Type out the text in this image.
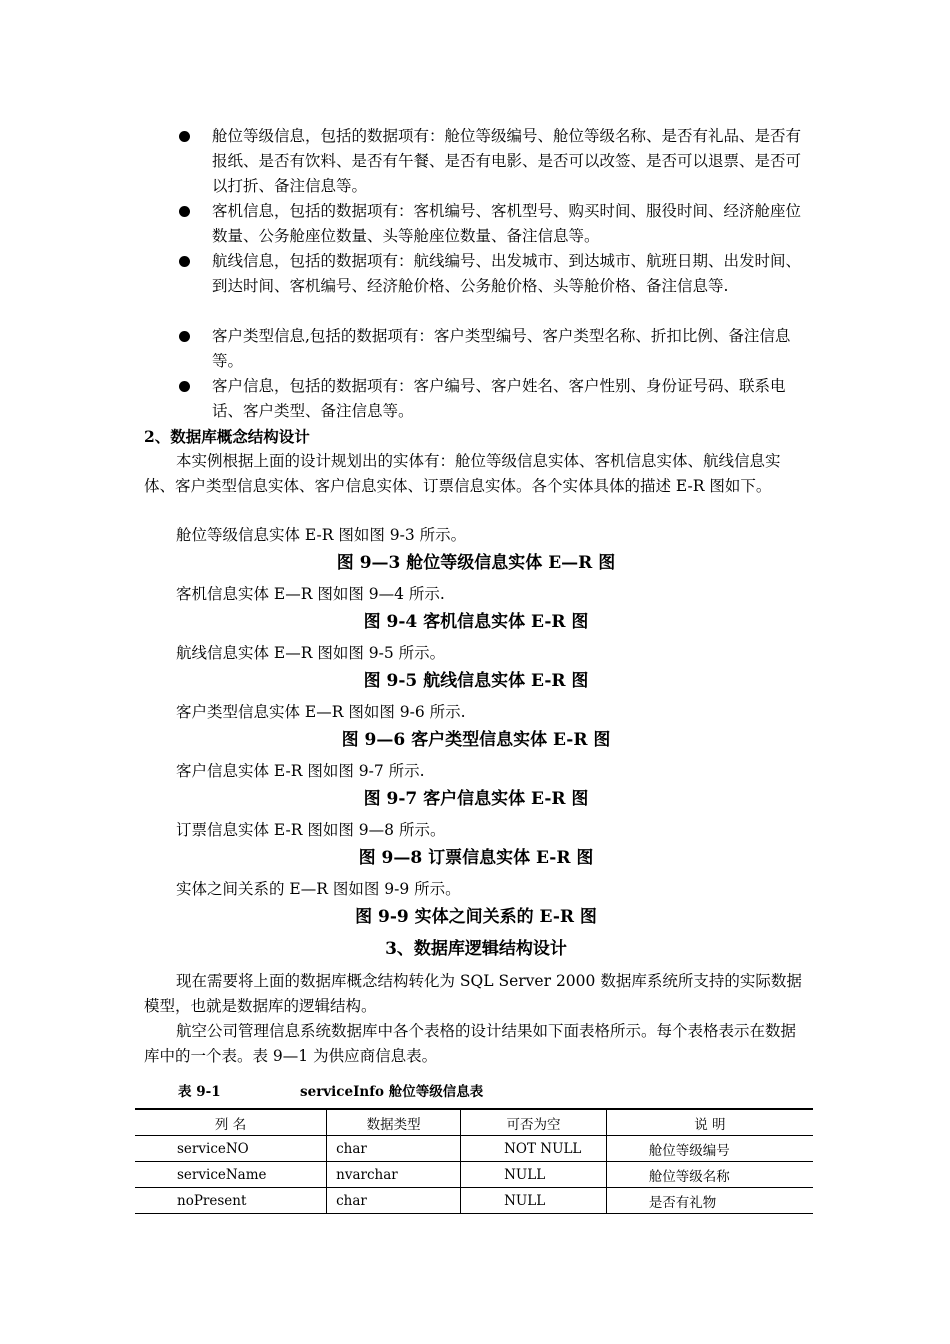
舱位等级信息，包括的数据项有：舱位等级编号、舱位等级名称、是否有礼品、是否有报纸、是否有饮料、是否有午餐、是否有电影、是否可以改签、是否可以退票、是否可以打折、备注信息等。
客机信息，包括的数据项有：客机编号、客机型号、购买时间、服役时间、经济舱座位数量、公务舱座位数量、头等舱座位数量、备注信息等。
航线信息，包括的数据项有：航线编号、出发城市、到达城市、航班日期、出发时间、到达时间、客机编号、经济舱价格、公务舱价格、头等舱价格、备注信息等.
客户类型信息,包括的数据项有：客户类型编号、客户类型名称、折扣比例、备注信息等。
客户信息，包括的数据项有：客户编号、客户姓名、客户性别、身份证号码、联系电话、客户类型、备注信息等。
2、数据库概念结构设计
本实例根据上面的设计规划出的实体有：舱位等级信息实体、客机信息实体、航线信息实体、客户类型信息实体、客户信息实体、订票信息实体。各个实体具体的描述 E-R 图如下。
舱位等级信息实体 E-R 图如图 9-3 所示。
图 9—3 舱位等级信息实体 E—R 图
客机信息实体 E—R 图如图 9—4 所示.
图 9-4 客机信息实体 E-R 图
航线信息实体 E—R 图如图 9-5 所示。
图 9-5 航线信息实体 E-R 图
客户类型信息实体 E—R 图如图 9-6 所示.
图 9—6 客户类型信息实体 E-R 图
客户信息实体 E-R 图如图 9-7 所示.
图 9-7 客户信息实体 E-R 图
订票信息实体 E-R 图如图 9—8 所示。
图 9—8 订票信息实体 E-R 图
实体之间关系的 E—R 图如图 9-9 所示。
图 9-9 实体之间关系的 E-R 图
3、数据库逻辑结构设计
现在需要将上面的数据库概念结构转化为 SQL Server 2000 数据库系统所支持的实际数据模型，也就是数据库的逻辑结构。
航空公司管理信息系统数据库中各个表格的设计结果如下面表格所示。每个表格表示在数据库中的一个表。表 9—1 为供应商信息表。
表 9-1	serviceInfo 舱位等级信息表
列 名	数据类型	可否为空	说 明
serviceNO	char	NOT NULL	舱位等级编号
serviceName	nvarchar	NULL	舱位等级名称
noPresent	char	NULL	是否有礼物
